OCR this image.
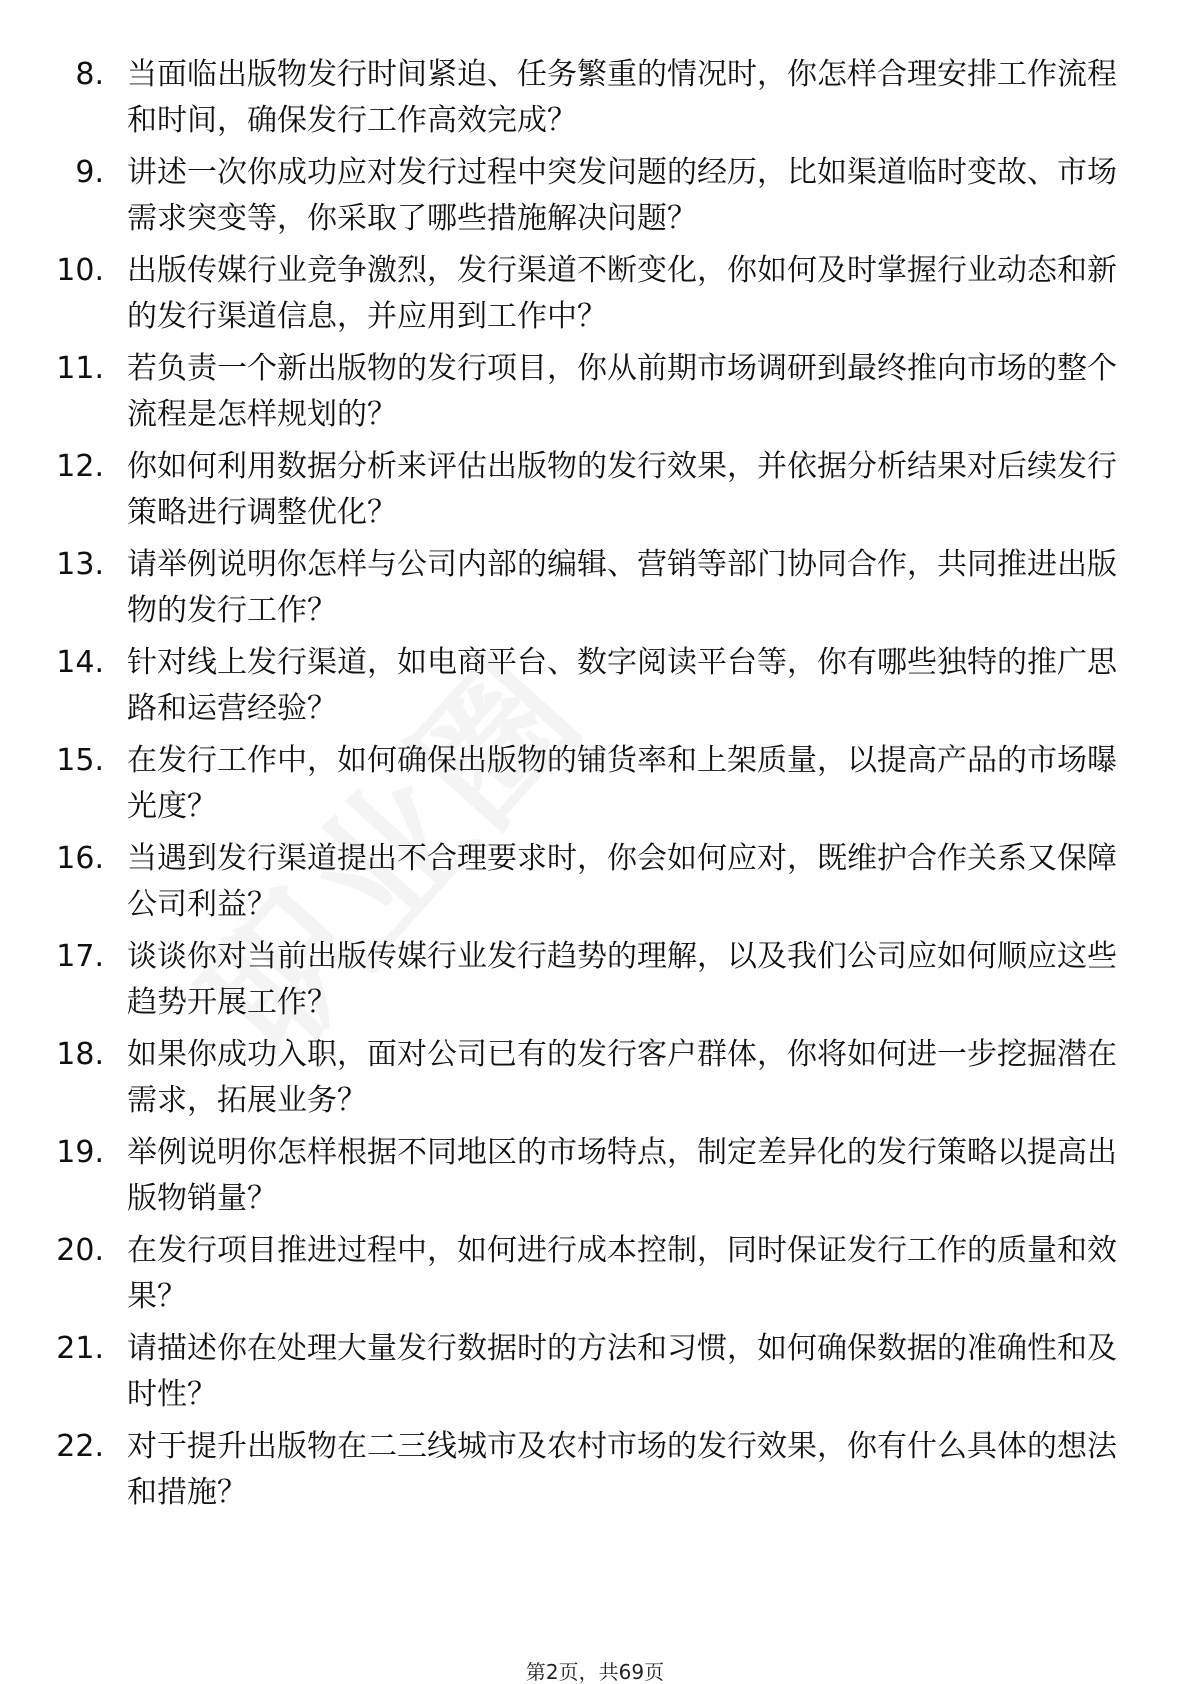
8. 当面临出版物发行时间紧迫、任务繁重的情况时，你怎样合理安排工作流程和时间，确保发行工作高效完成？

9. 讲述一次你成功应对发行过程中突发问题的经历，比如渠道临时变故、市场需求突变等，你采取了哪些措施解决问题？

10. 出版传媒行业竞争激烈，发行渠道不断变化，你如何及时掌握行业动态和新的发行渠道信息，并应用到工作中？

11. 若负责一个新出版物的发行项目，你从前期市场调研到最终推向市场的整个流程是怎样规划的？

12. 你如何利用数据分析来评估出版物的发行效果，并依据分析结果对后续发行策略进行调整优化？

13. 请举例说明你怎样与公司内部的编辑、营销等部门协同合作，共同推进出版物的发行工作？

14. 针对线上发行渠道，如电商平台、数字阅读平台等，你有哪些独特的推广思路和运营经验？

15. 在发行工作中，如何确保出版物的铺货率和上架质量，以提高产品的市场曝光度？

16. 当遇到发行渠道提出不合理要求时，你会如何应对，既维护合作关系又保障公司利益？

17. 谈谈你对当前出版传媒行业发行趋势的理解，以及我们公司应如何顺应这些趋势开展工作？

18. 如果你成功入职，面对公司已有的发行客户群体，你将如何进一步挖掘潜在需求，拓展业务？

19. 举例说明你怎样根据不同地区的市场特点，制定差异化的发行策略以提高出版物销量？

20. 在发行项目推进过程中，如何进行成本控制，同时保证发行工作的质量和效果？

21. 请描述你在处理大量发行数据时的方法和习惯，如何确保数据的准确性和及时性？

22. 对于提升出版物在二三线城市及农村市场的发行效果，你有什么具体的想法和措施？

第2页，共69页
